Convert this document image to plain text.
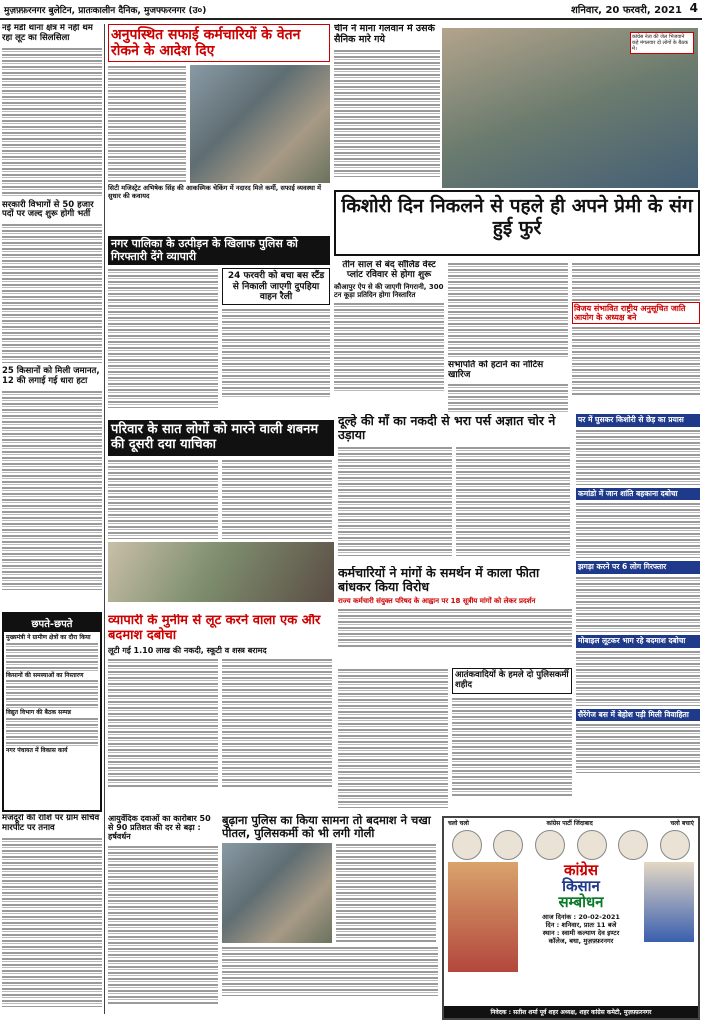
मुज़फ़्फ़रनगर बुलेटिन, प्रातःकालीन दैनिक, मुजफ्फरनगर (उ०)	शनिवार, 20 फरवरी, 2021 4
नई मंडी थाना क्षेत्र में नहीं थम रहा लूट का सिलसिला
सरकारी विभागों से 50 हजार पदों पर जल्द शुरू होगी भर्ती
25 किसानों को मिली जमानत, 12 की लगाई गई धारा हटा
छपते-छपते
मुख्यमंत्री ने ग्रामीण क्षेत्रों का दौरा किया
किसानों की समस्याओं का निस्तारण
विद्युत विभाग की बैठक सम्पन्न
नगर पंचायत में विकास कार्य
मजदूरों की राशि पर ग्राम सचिव मारपीट पर तनाव
अनुपस्थित सफाई कर्मचारियों के वेतन रोकने के आदेश दिए
सिटी मजिस्ट्रेट अभिषेक सिंह की आकस्मिक चेकिंग में नदारद मिले कर्मी, सफाई व्यवस्था में सुधार की कवायद
चीन ने माना गलवान में उसके सैनिक मारे गये	कांग्रेस नेता की जेल भिजवाने कहे मंगलवार दो लोगों के बैठक में।
किशोरी दिन निकलने से पहले ही अपने प्रेमी के संग हुई फुर्र
नगर पालिका के उत्पीड़न के खिलाफ पुलिस को गिरफ्तारी देंगे व्यापारी
24 फरवरी को बचा बस स्टैंड से निकाली जाएगी दुपहिया वाहन रैली
तीन साल से बंद सॉलिड वेस्ट प्लांट रविवार से होगा शुरू
कौआपुर ऐप से की जाएगी निगरानी, 300 टन कूड़ा प्रतिदिन होगा निस्तारित
सभापति को हटाने का नोटिस खारिज
विजय संभावित राष्ट्रीय अनुसूचित जाति आयोग के अध्यक्ष बने
परिवार के सात लोगों को मारने वाली शबनम की दूसरी दया याचिका
दूल्हे की माँ का नकदी से भरा पर्स अज्ञात चोर ने उड़ाया
पर में घुसकर किशोरी से छेड़ का प्रयास
कमांडो में जान शांति बहकाना दबोचा
झगड़ा करने पर 6 लोग गिरफ्तार
मोबाइल लूटकर भाग रहे बदमाश दबोचा
सैरेंगेज बस में बेहोश पड़ी मिली विवाहिता
कर्मचारियों ने मांगों के समर्थन में काला फीता बांधकर किया विरोध
राज्य कर्मचारी संयुक्त परिषद के आह्वान पर 18 सूत्रीय मांगों को लेकर प्रदर्शन
आतंकवादियों के हमले दो पुलिसकर्मी शहीद
व्यापारी के मुनीम से लूट करने वाला एक और बदमाश दबोचा
लूटी गई 1.10 लाख की नकदी, स्कूटी व शस्त्र बरामद
आयुर्वेदिक दवाओं का कारोबार 50 से 90 प्रतिशत की दर से बढ़ा : हर्षवर्धन
बुढ़ाना पुलिस का किया सामना तो बदमाश ने चखा पीतल, पुलिसकर्मी को भी लगी गोली
चलो चलो	कांग्रेस पार्टी जिंदाबाद	चलो बचाएं
कांग्रेस
किसान
सम्बोधन
आज दिनांक : 20-02-2021
दिन : शनिवार, प्रातः 11 बजे
स्थान : स्वामी कल्याण देव इण्टर
कॉलेज, बधा, मुज़फ़्फ़रनगर
निवेदक : सतीश शर्मा पूर्व शहर अध्यक्ष, शहर कांग्रेस कमेटी, मुज़फ़्फ़रनगर
